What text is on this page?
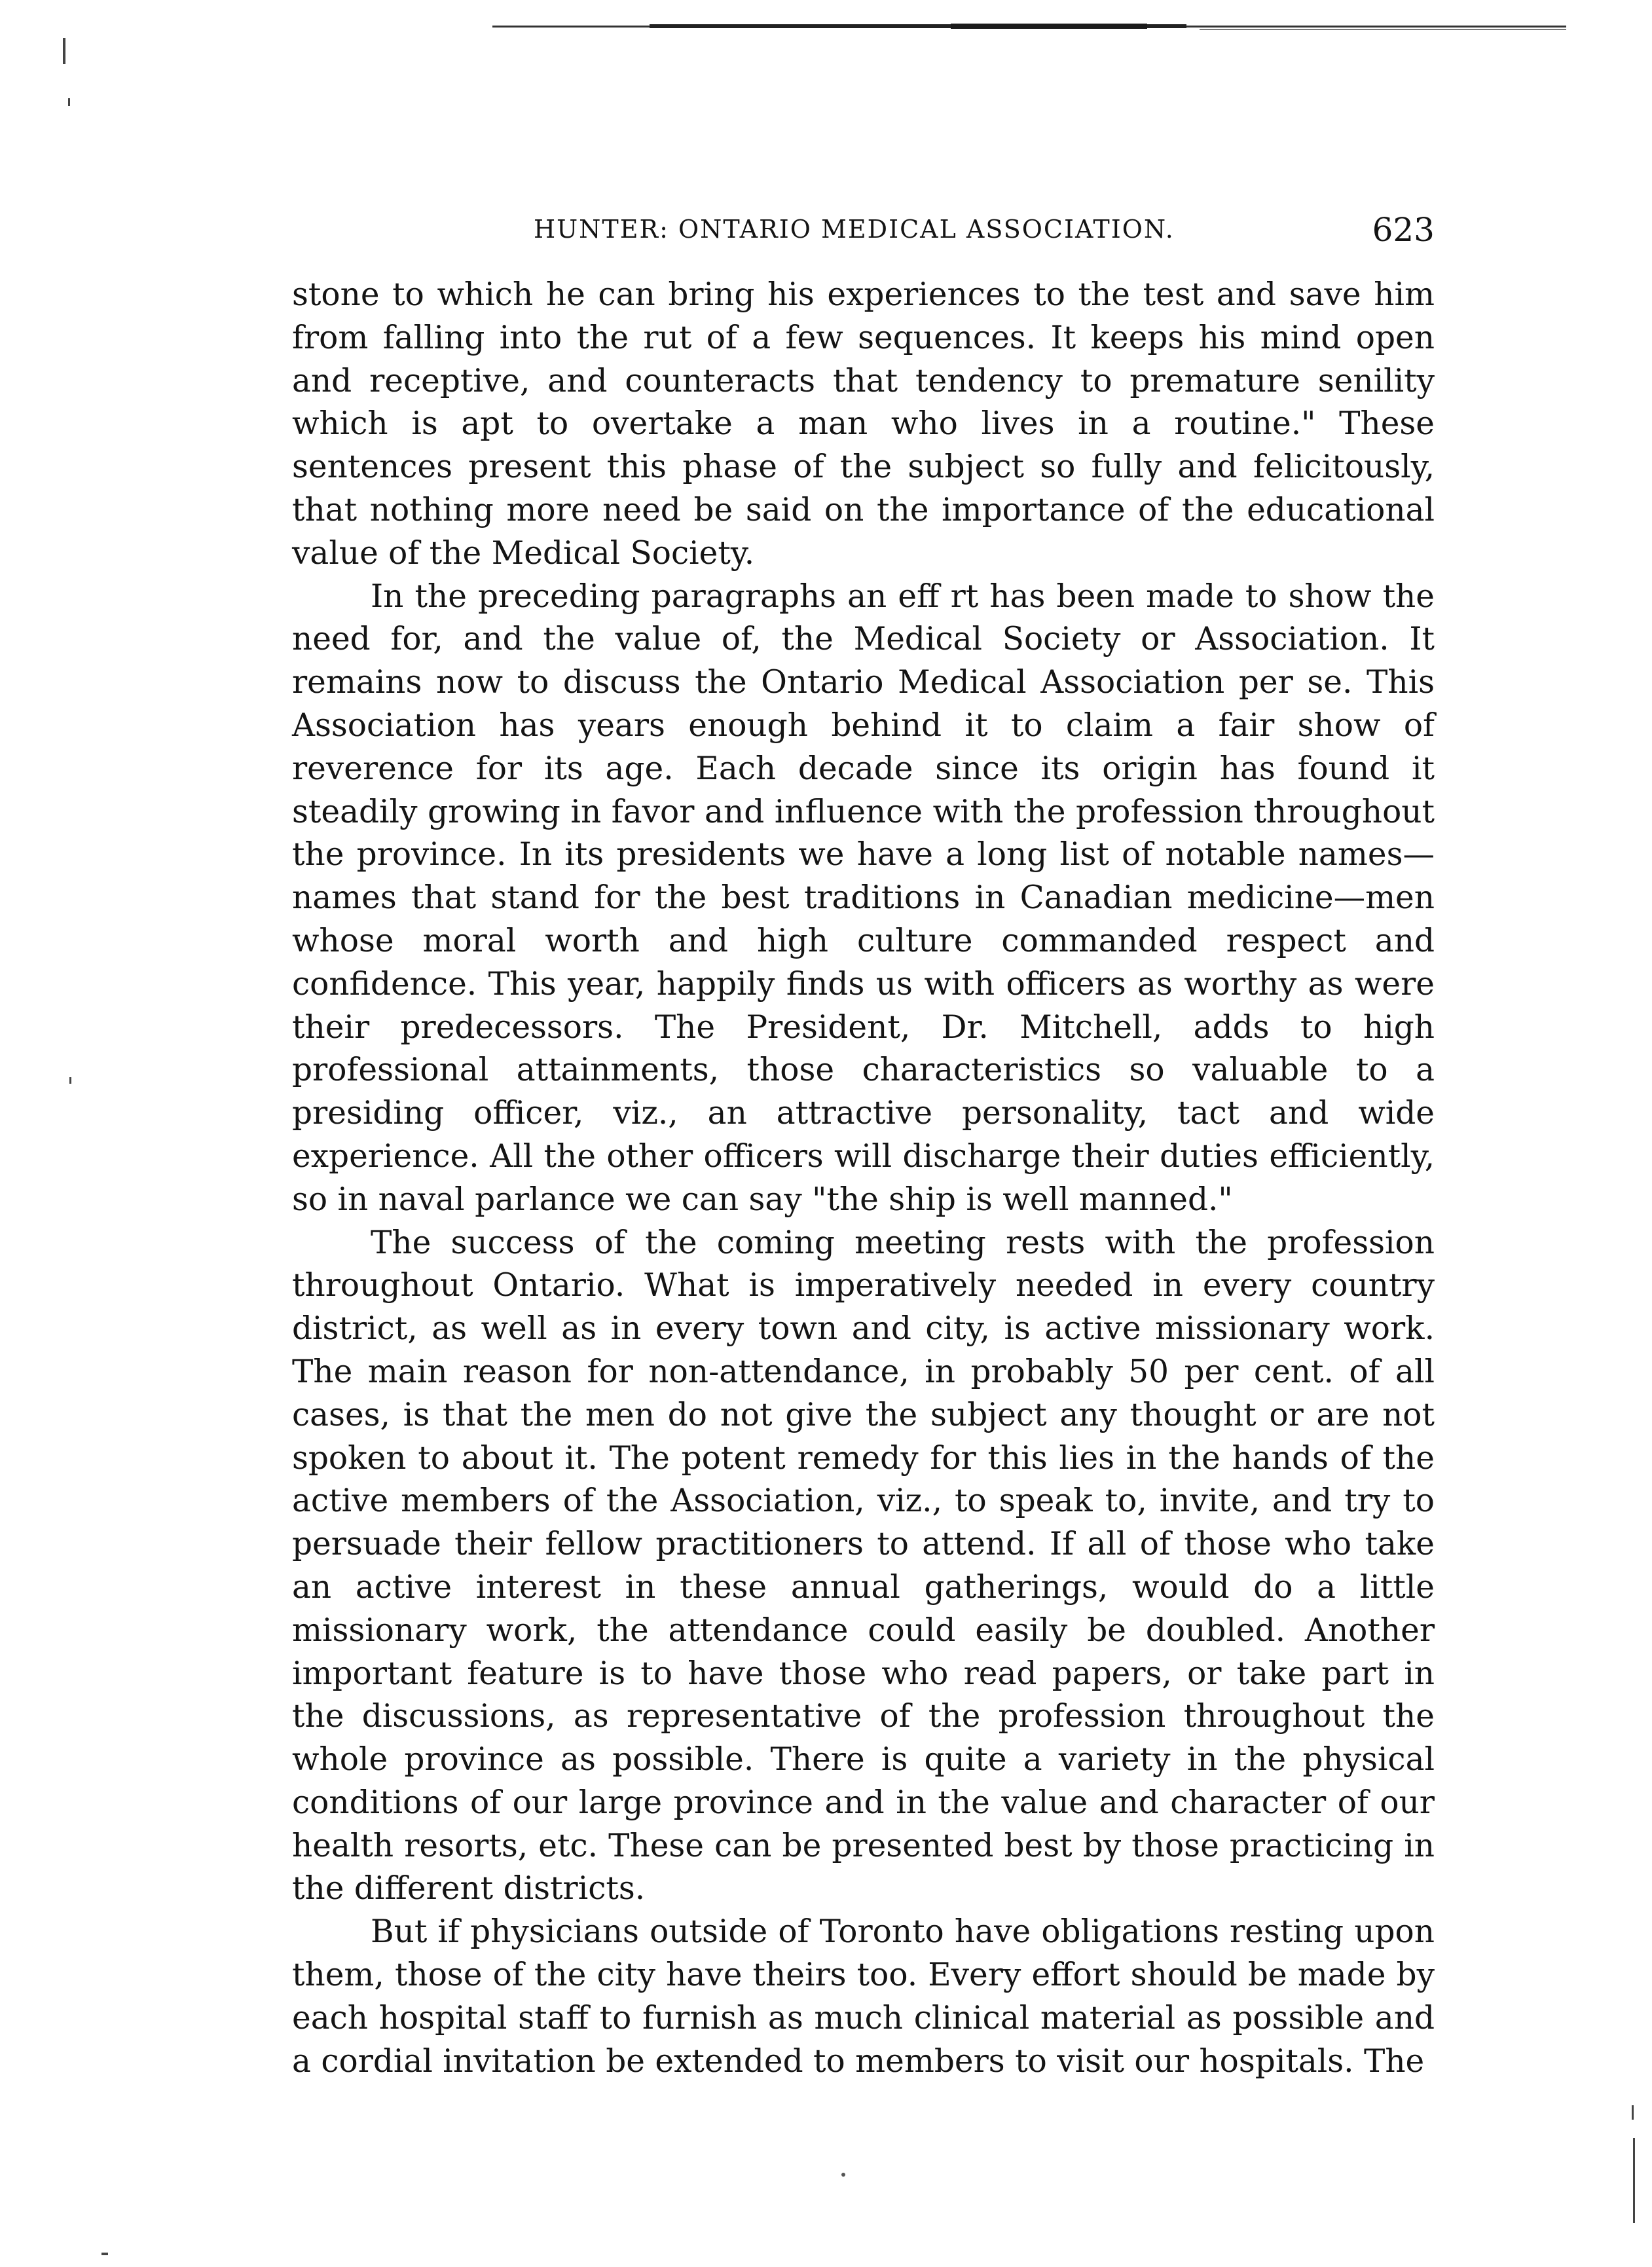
HUNTER: ONTARIO MEDICAL ASSOCIATION.	623

stone to which he can bring his experiences to the test and save him from falling into the rut of a few sequences. It keeps his mind open and receptive, and counteracts that tendency to premature senility which is apt to overtake a man who lives in a routine." These sentences present this phase of the subject so fully and felicitously, that nothing more need be said on the importance of the educational value of the Medical Society.

In the preceding paragraphs an eff rt has been made to show the need for, and the value of, the Medical Society or Association. It remains now to discuss the Ontario Medical Association per se. This Association has years enough behind it to claim a fair show of reverence for its age. Each decade since its origin has found it steadily growing in favor and influence with the profession throughout the province. In its presidents we have a long list of notable names—names that stand for the best traditions in Canadian medicine—men whose moral worth and high culture commanded respect and confidence. This year, happily finds us with officers as worthy as were their predecessors. The President, Dr. Mitchell, adds to high professional attainments, those characteristics so valuable to a presiding officer, viz., an attractive personality, tact and wide experience. All the other officers will discharge their duties efficiently, so in naval parlance we can say "the ship is well manned."

The success of the coming meeting rests with the profession throughout Ontario. What is imperatively needed in every country district, as well as in every town and city, is active missionary work. The main reason for non-attendance, in probably 50 per cent. of all cases, is that the men do not give the subject any thought or are not spoken to about it. The potent remedy for this lies in the hands of the active members of the Association, viz., to speak to, invite, and try to persuade their fellow practitioners to attend. If all of those who take an active interest in these annual gatherings, would do a little missionary work, the attendance could easily be doubled. Another important feature is to have those who read papers, or take part in the discussions, as representative of the profession throughout the whole province as possible. There is quite a variety in the physical conditions of our large province and in the value and character of our health resorts, etc. These can be presented best by those practicing in the different districts.

But if physicians outside of Toronto have obligations resting upon them, those of the city have theirs too. Every effort should be made by each hospital staff to furnish as much clinical material as possible and a cordial invitation be extended to members to visit our hospitals. The
